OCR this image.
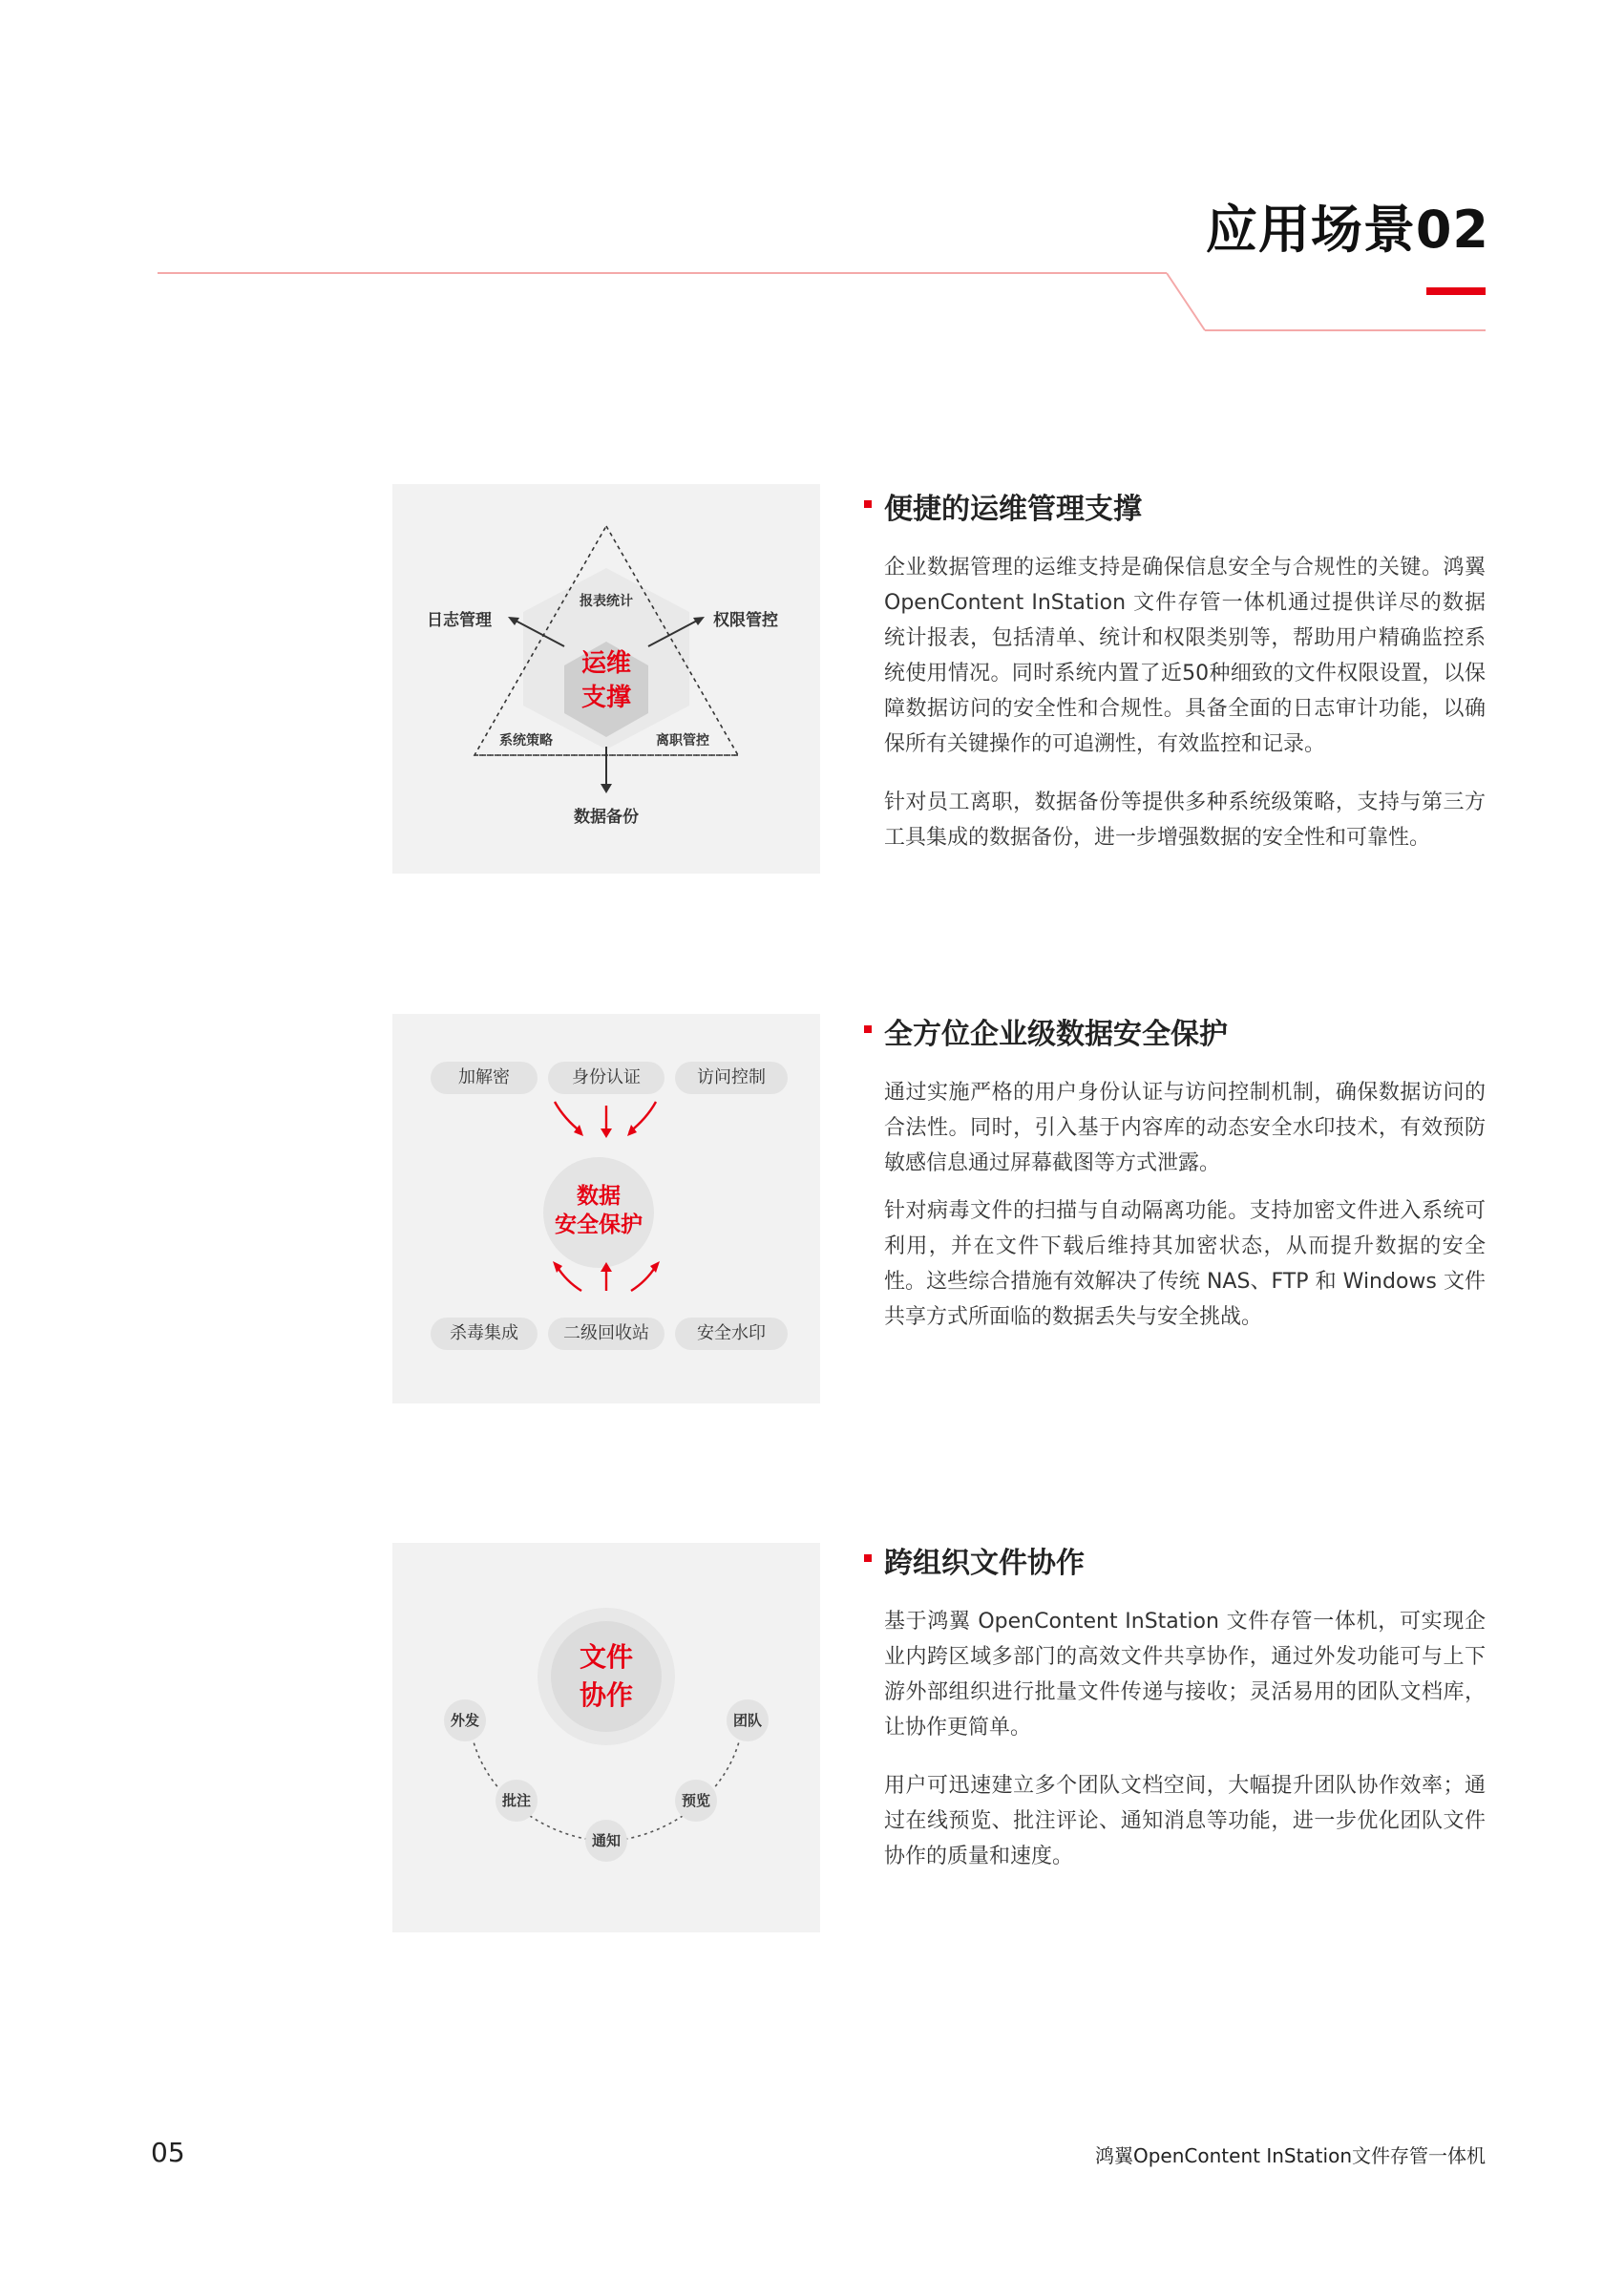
应用场景02
运维
支撑
报表统计
系统策略	离职管控
日志管理	权限管控
数据备份
便捷的运维管理支撑

企业数据管理的运维支持是确保信息安全与合规性的关键。鸿翼 OpenContent InStation 文件存管一体机通过提供详尽的数据统计报表，包括清单、统计和权限类别等，帮助用户精确监控系统使用情况。同时系统内置了近50种细致的文件权限设置，以保障数据访问的安全性和合规性。具备全面的日志审计功能，以确保所有关键操作的可追溯性，有效监控和记录。

针对员工离职，数据备份等提供多种系统级策略，支持与第三方工具集成的数据备份，进一步增强数据的安全性和可靠性。

加解密	身份认证	访问控制
数据
安全保护
杀毒集成	二级回收站	安全水印
全方位企业级数据安全保护

通过实施严格的用户身份认证与访问控制机制，确保数据访问的合法性。同时，引入基于内容库的动态安全水印技术，有效预防敏感信息通过屏幕截图等方式泄露。

针对病毒文件的扫描与自动隔离功能。支持加密文件进入系统可利用，并在文件下载后维持其加密状态，从而提升数据的安全性。这些综合措施有效解决了传统 NAS、FTP 和 Windows 文件共享方式所面临的数据丢失与安全挑战。

文件
协作
外发
批注
通知
预览
团队
跨组织文件协作

基于鸿翼 OpenContent InStation 文件存管一体机，可实现企业内跨区域多部门的高效文件共享协作，通过外发功能可与上下游外部组织进行批量文件传递与接收；灵活易用的团队文档库，让协作更简单。

用户可迅速建立多个团队文档空间，大幅提升团队协作效率；通过在线预览、批注评论、通知消息等功能，进一步优化团队文件协作的质量和速度。

05	鸿翼OpenContent InStation文件存管一体机
